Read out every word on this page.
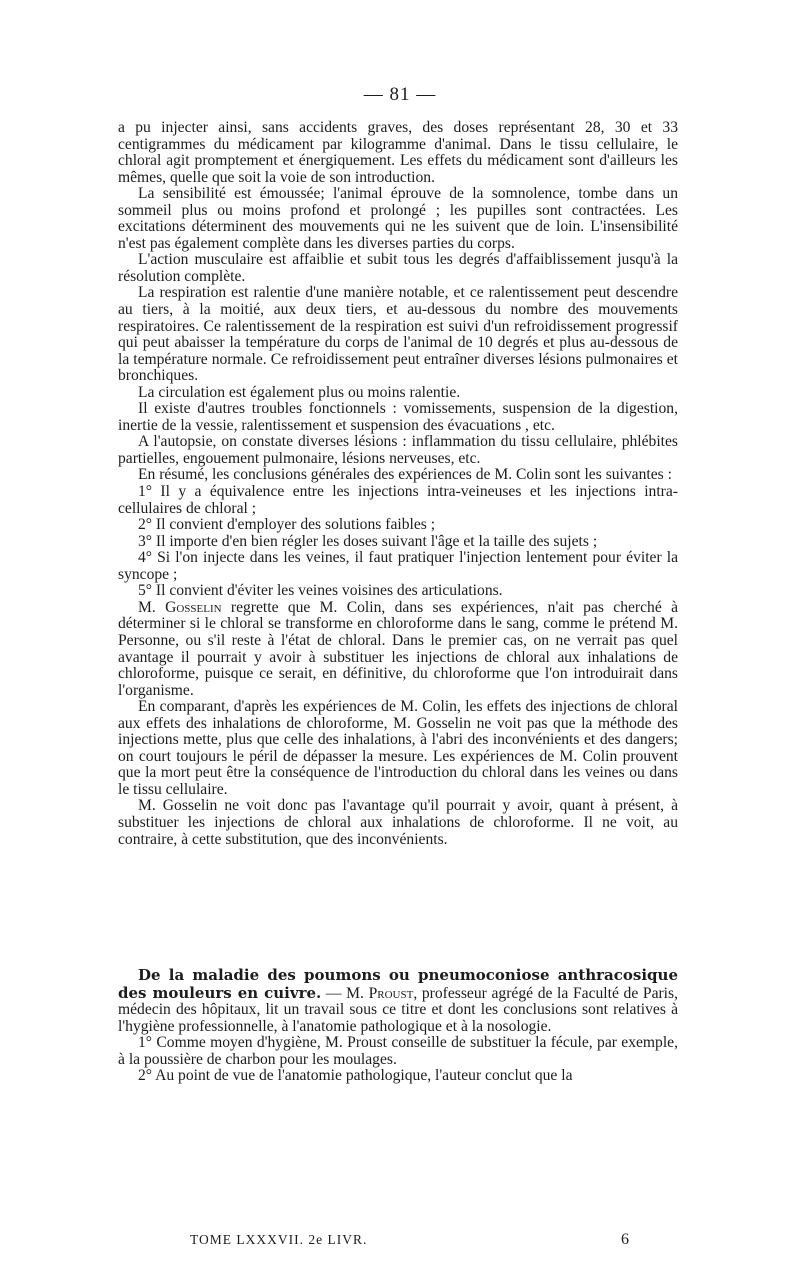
— 81 —

a pu injecter ainsi, sans accidents graves, des doses représentant 28, 30 et 33 centigrammes du médicament par kilogramme d'animal. Dans le tissu cellulaire, le chloral agit promptement et énergiquement. Les effets du médicament sont d'ailleurs les mêmes, quelle que soit la voie de son introduction.

La sensibilité est émoussée; l'animal éprouve de la somnolence, tombe dans un sommeil plus ou moins profond et prolongé ; les pupilles sont contractées. Les excitations déterminent des mouvements qui ne les suivent que de loin. L'insensibilité n'est pas également complète dans les diverses parties du corps.

L'action musculaire est affaiblie et subit tous les degrés d'affaiblissement jusqu'à la résolution complète.

La respiration est ralentie d'une manière notable, et ce ralentissement peut descendre au tiers, à la moitié, aux deux tiers, et au-dessous du nombre des mouvements respiratoires. Ce ralentissement de la respiration est suivi d'un refroidissement progressif qui peut abaisser la température du corps de l'animal de 10 degrés et plus au-dessous de la température normale. Ce refroidissement peut entraîner diverses lésions pulmonaires et bronchiques.

La circulation est également plus ou moins ralentie.

Il existe d'autres troubles fonctionnels : vomissements, suspension de la digestion, inertie de la vessie, ralentissement et suspension des évacuations , etc.

A l'autopsie, on constate diverses lésions : inflammation du tissu cellulaire, phlébites partielles, engouement pulmonaire, lésions nerveuses, etc.

En résumé, les conclusions générales des expériences de M. Colin sont les suivantes :

1° Il y a équivalence entre les injections intra-veineuses et les injections intra-cellulaires de chloral ;

2° Il convient d'employer des solutions faibles ;

3° Il importe d'en bien régler les doses suivant l'âge et la taille des sujets ;

4° Si l'on injecte dans les veines, il faut pratiquer l'injection lentement pour éviter la syncope ;

5° Il convient d'éviter les veines voisines des articulations.

M. Gosselin regrette que M. Colin, dans ses expériences, n'ait pas cherché à déterminer si le chloral se transforme en chloroforme dans le sang, comme le prétend M. Personne, ou s'il reste à l'état de chloral. Dans le premier cas, on ne verrait pas quel avantage il pourrait y avoir à substituer les injections de chloral aux inhalations de chloroforme, puisque ce serait, en définitive, du chloroforme que l'on introduirait dans l'organisme.

En comparant, d'après les expériences de M. Colin, les effets des injections de chloral aux effets des inhalations de chloroforme, M. Gosselin ne voit pas que la méthode des injections mette, plus que celle des inhalations, à l'abri des inconvénients et des dangers; on court toujours le péril de dépasser la mesure. Les expériences de M. Colin prouvent que la mort peut être la conséquence de l'introduction du chloral dans les veines ou dans le tissu cellulaire.

M. Gosselin ne voit donc pas l'avantage qu'il pourrait y avoir, quant à présent, à substituer les injections de chloral aux inhalations de chloroforme. Il ne voit, au contraire, à cette substitution, que des inconvénients.

De la maladie des poumons ou pneumoconiose anthracosique des mouleurs en cuivre. — M. Proust, professeur agrégé de la Faculté de Paris, médecin des hôpitaux, lit un travail sous ce titre et dont les conclusions sont relatives à l'hygiène professionnelle, à l'anatomie pathologique et à la nosologie.

1° Comme moyen d'hygiène, M. Proust conseille de substituer la fécule, par exemple, à la poussière de charbon pour les moulages.

2° Au point de vue de l'anatomie pathologique, l'auteur conclut que la

TOME LXXXVII. 2e LIVR.	6
